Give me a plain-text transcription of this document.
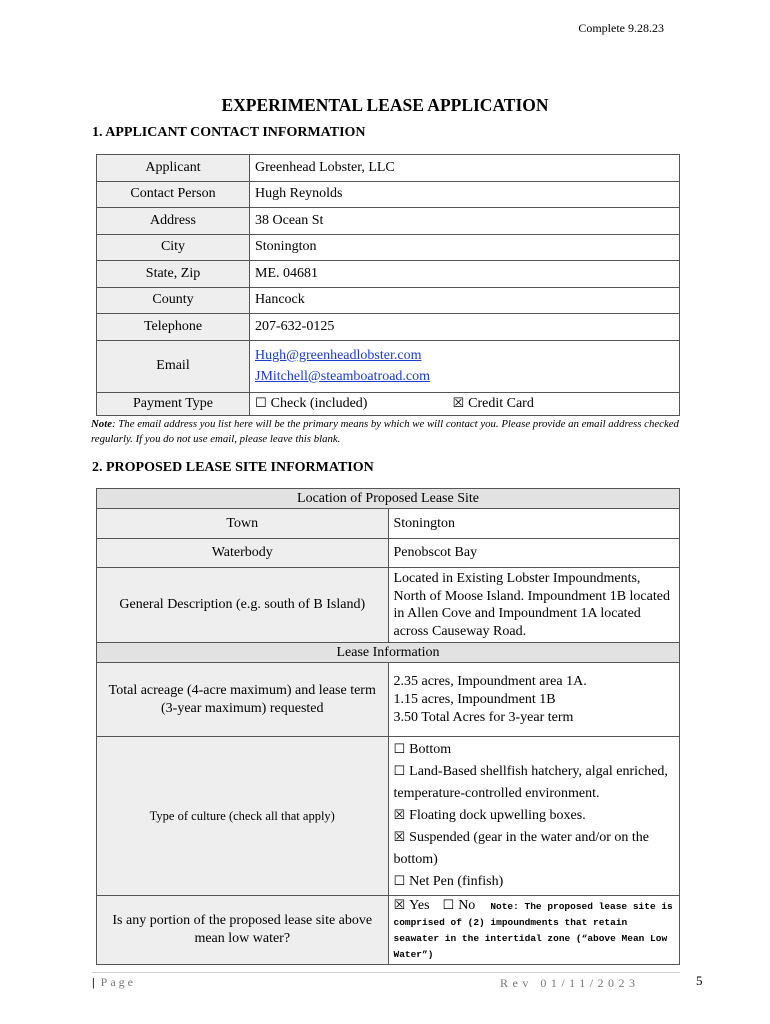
Complete 9.28.23
EXPERIMENTAL LEASE APPLICATION
1. APPLICANT CONTACT INFORMATION
Applicant	Greenhead Lobster, LLC
Contact Person	Hugh Reynolds
Address	38 Ocean St
City	Stonington
State, Zip	ME. 04681
County	Hancock
Telephone	207-632-0125
Email	Hugh@greenheadlobster.com

JMitchell@steamboatroad.com
Payment Type	☐ Check (included) ☒ Credit Card
Note: The email address you list here will be the primary means by which we will contact you. Please provide an email address checked regularly. If you do not use email, please leave this blank.
2. PROPOSED LEASE SITE INFORMATION
Location of Proposed Lease Site	
Town	Stonington
Waterbody	Penobscot Bay
General Description (e.g. south of B Island)	Located in Existing Lobster Impoundments, North of Moose Island. Impoundment 1B located in Allen Cove and Impoundment 1A located across Causeway Road.
Lease Information	
Total acreage (4-acre maximum) and lease term (3-year maximum) requested	2.35 acres, Impoundment area 1A.
1.15 acres, Impoundment 1B
3.50 Total Acres for 3-year term

Type of culture (check all that apply)	☐ Bottom
☐ Land-Based shellfish hatchery, algal enriched, temperature-controlled environment.
☒ Floating dock upwelling boxes.
☒ Suspended (gear in the water and/or on the bottom)
☐ Net Pen (finfish)

Is any portion of the proposed lease site above mean low water?	☒ Yes ☐ No Note: The proposed lease site is comprised of (2) impoundments that retain seawater in the intertidal zone (“above Mean Low Water”)
| Page	Rev 01/11/2023	5
